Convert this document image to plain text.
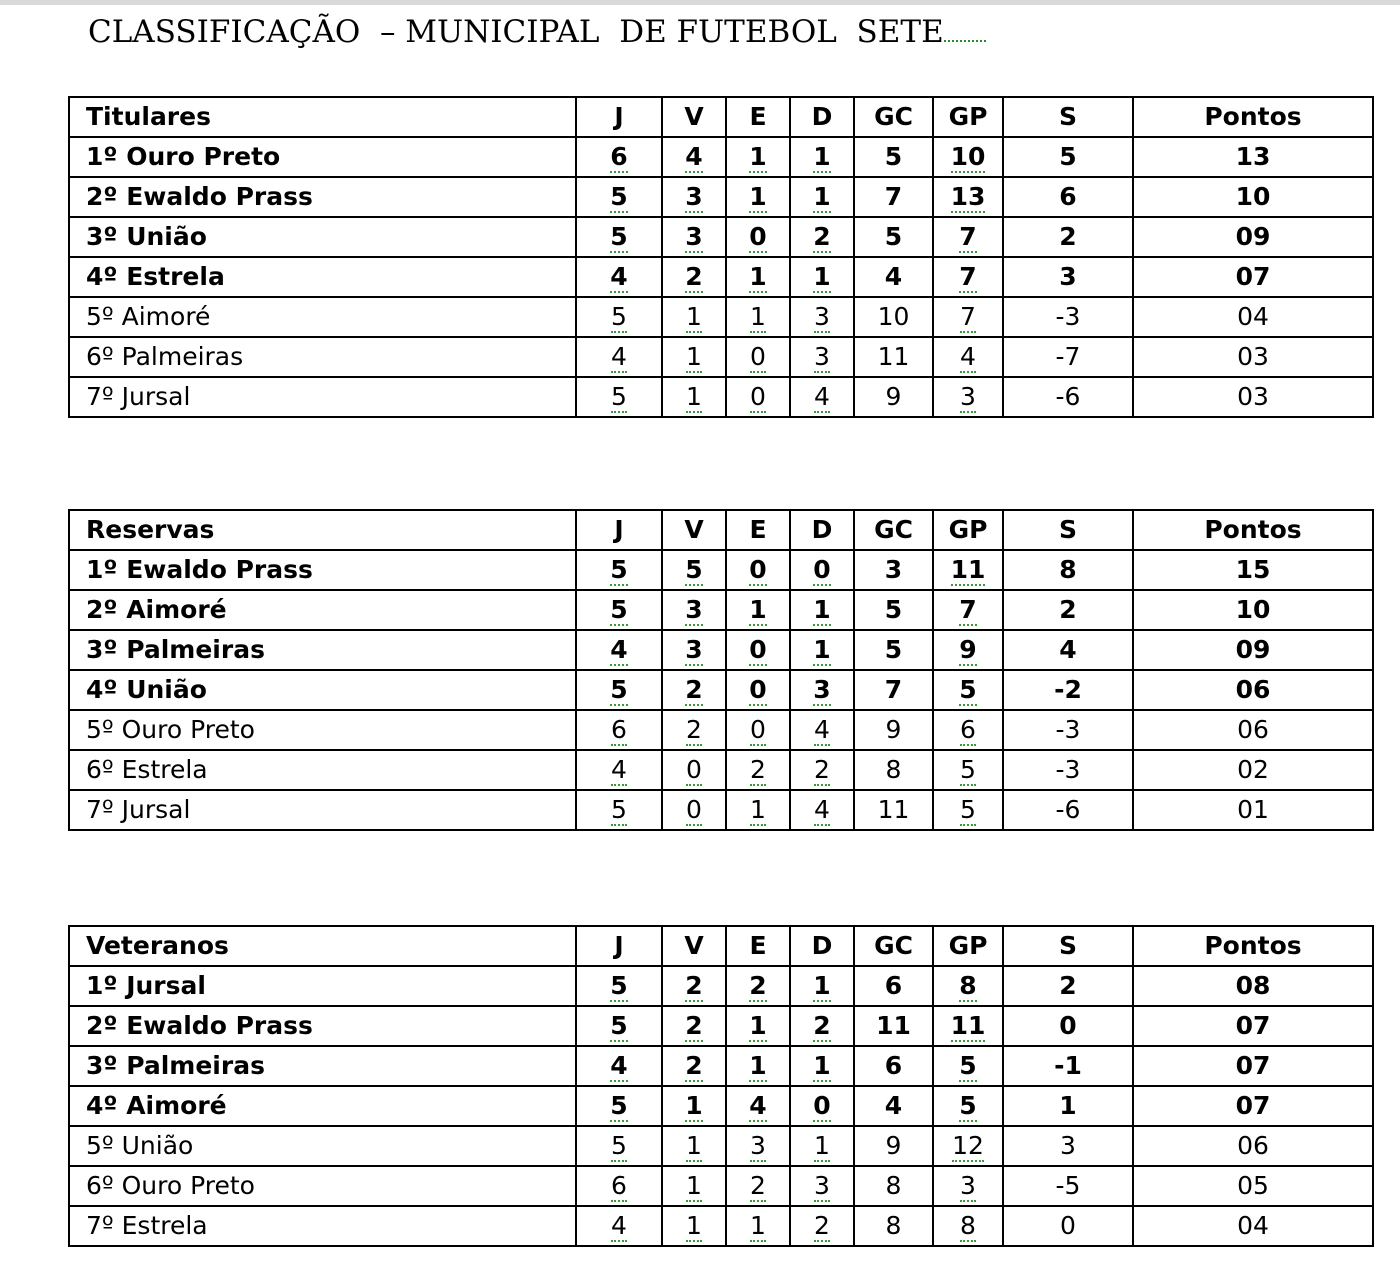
CLASSIFICAÇÃO  – MUNICIPAL  DE FUTEBOL  SETE
Titulares	J	V	E	D	GC	GP	S	Pontos
1º Ouro Preto	6	4	1	1	5	10	5	13
2º Ewaldo Prass	5	3	1	1	7	13	6	10
3º União	5	3	0	2	5	7	2	09
4º Estrela	4	2	1	1	4	7	3	07
5º Aimoré	5	1	1	3	10	7	-3	04
6º Palmeiras	4	1	0	3	11	4	-7	03
7º Jursal	5	1	0	4	9	3	-6	03
Reservas	J	V	E	D	GC	GP	S	Pontos
1º Ewaldo Prass	5	5	0	0	3	11	8	15
2º Aimoré	5	3	1	1	5	7	2	10
3º Palmeiras	4	3	0	1	5	9	4	09
4º União	5	2	0	3	7	5	-2	06
5º Ouro Preto	6	2	0	4	9	6	-3	06
6º Estrela	4	0	2	2	8	5	-3	02
7º Jursal	5	0	1	4	11	5	-6	01
Veteranos	J	V	E	D	GC	GP	S	Pontos
1º Jursal	5	2	2	1	6	8	2	08
2º Ewaldo Prass	5	2	1	2	11	11	0	07
3º Palmeiras	4	2	1	1	6	5	-1	07
4º Aimoré	5	1	4	0	4	5	1	07
5º União	5	1	3	1	9	12	3	06
6º Ouro Preto	6	1	2	3	8	3	-5	05
7º Estrela	4	1	1	2	8	8	0	04
